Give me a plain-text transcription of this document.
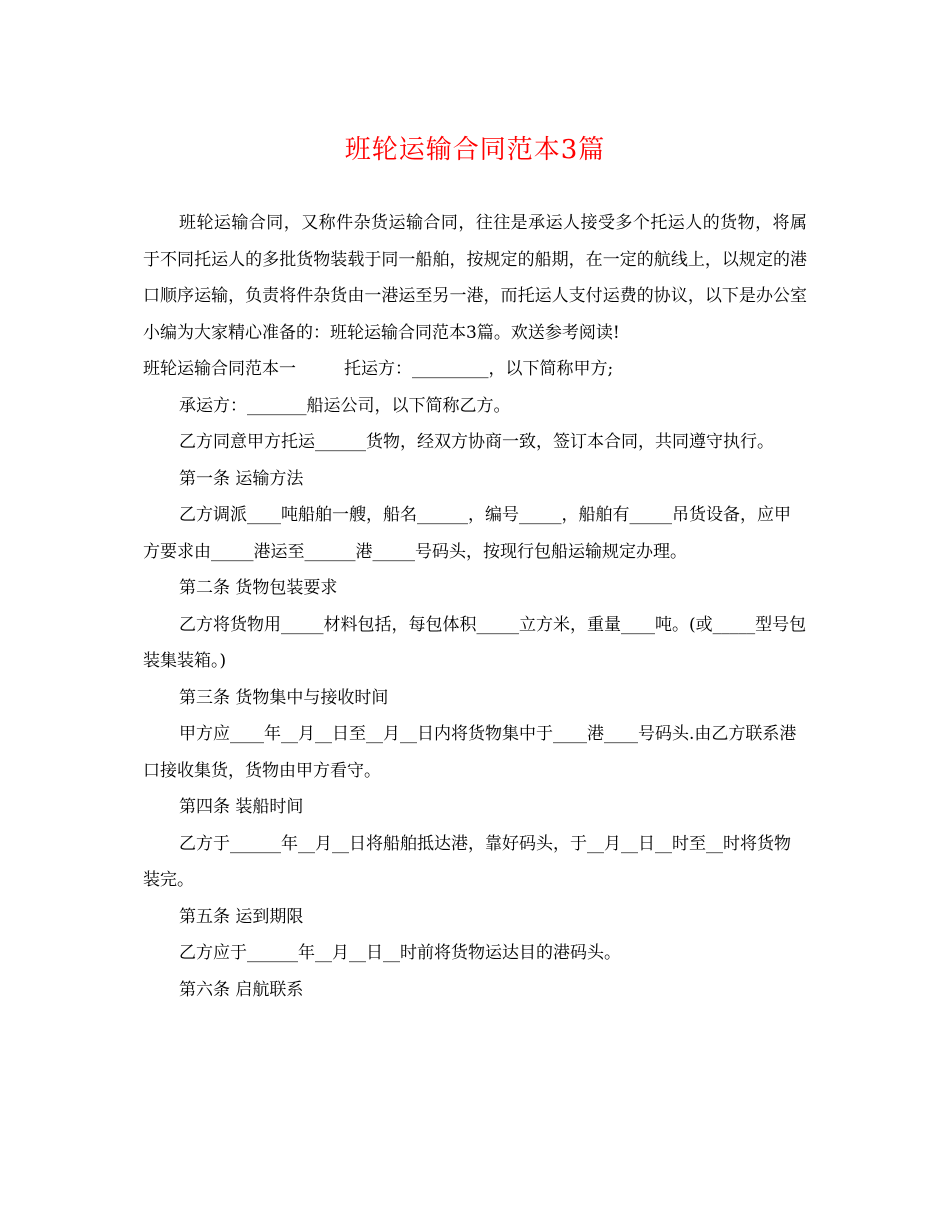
班轮运输合同范本3篇

班轮运输合同，又称件杂货运输合同，往往是承运人接受多个托运人的货物，将属于不同托运人的多批货物装载于同一船舶，按规定的船期，在一定的航线上，以规定的港口顺序运输，负责将件杂货由一港运至另一港，而托运人支付运费的协议，以下是办公室小编为大家精心准备的：班轮运输合同范本3篇。欢送参考阅读!

班轮运输合同范本一	托运方：_________，以下简称甲方;

承运方：_______船运公司，以下简称乙方。

乙方同意甲方托运______货物，经双方协商一致，签订本合同，共同遵守执行。

第一条 运输方法

乙方调派____吨船舶一艘，船名______，编号_____，船舶有_____吊货设备，应甲方要求由_____港运至______港_____号码头，按现行包船运输规定办理。

第二条 货物包装要求

乙方将货物用_____材料包括，每包体积_____立方米，重量____吨。(或_____型号包装集装箱。)

第三条 货物集中与接收时间

甲方应____年__月__日至__月__日内将货物集中于____港____号码头.由乙方联系港口接收集货，货物由甲方看守。

第四条 装船时间

乙方于______年__月__日将船舶抵达港，靠好码头，于__月__日__时至__时将货物装完。

第五条 运到期限

乙方应于______年__月__日__时前将货物运达目的港码头。

第六条 启航联系
